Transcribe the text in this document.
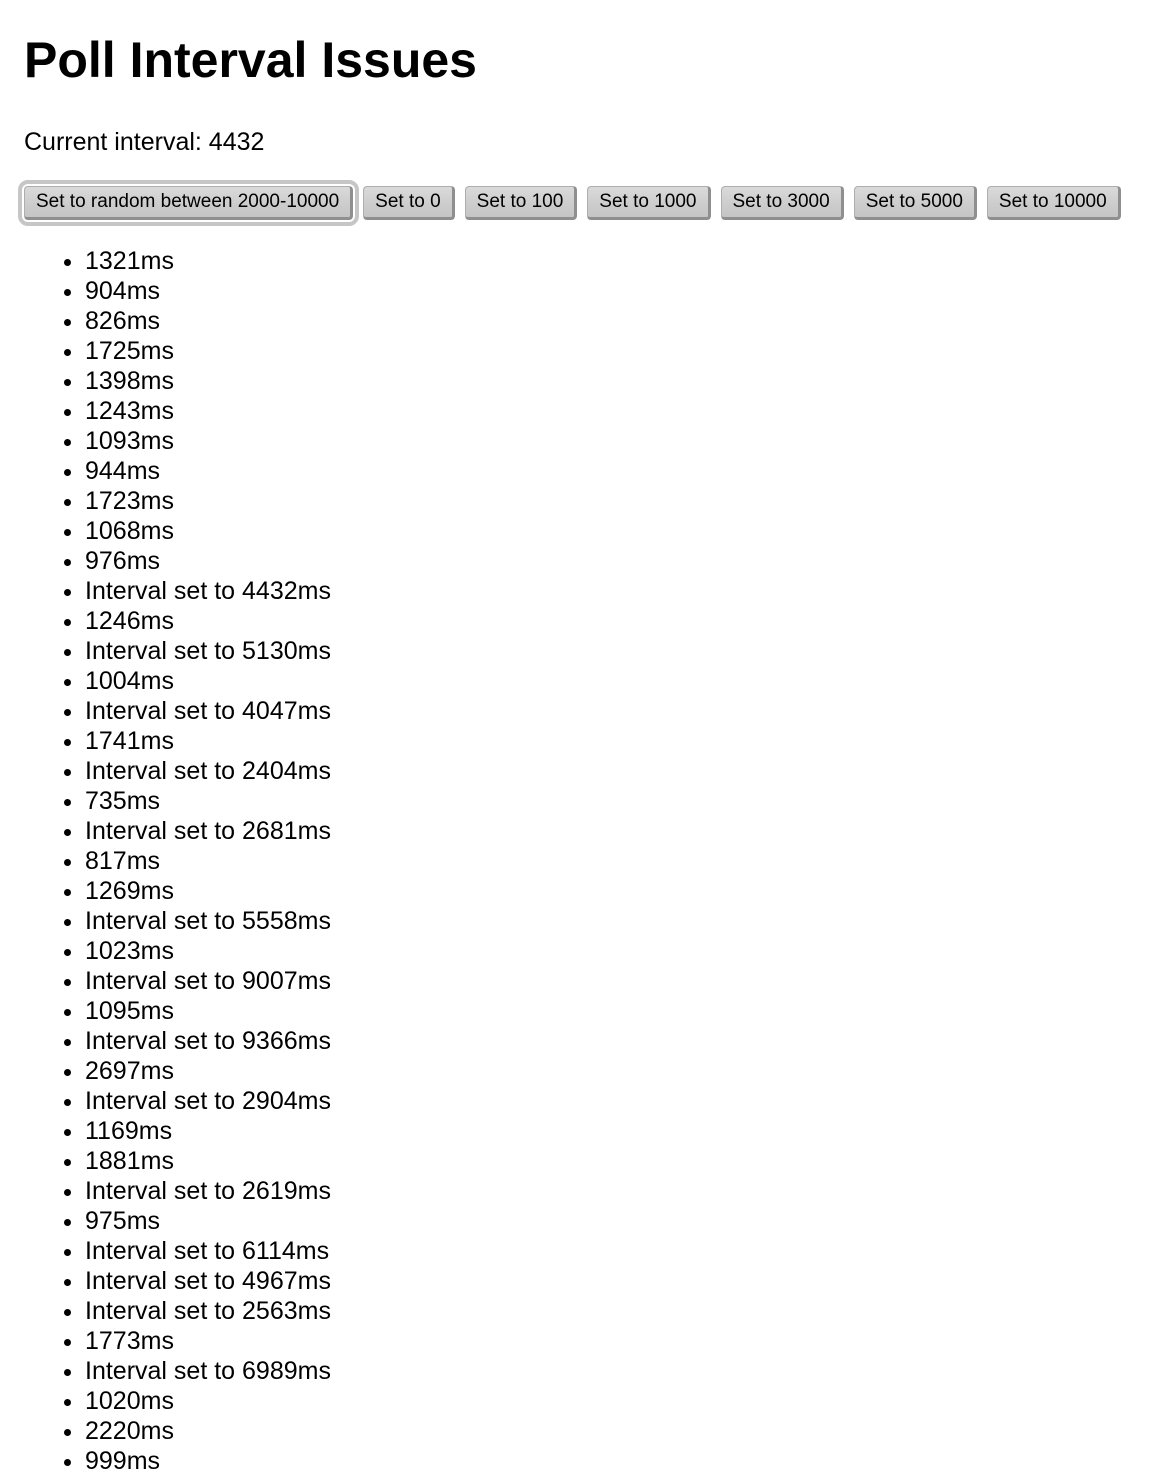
Poll Interval Issues

Current interval: 4432

Set to random between 2000-10000	Set to 0	Set to 100	Set to 1000	Set to 3000	Set to 5000	Set to 10000
• 1321ms
• 904ms
• 826ms
• 1725ms
• 1398ms
• 1243ms
• 1093ms
• 944ms
• 1723ms
• 1068ms
• 976ms
• Interval set to 4432ms
• 1246ms
• Interval set to 5130ms
• 1004ms
• Interval set to 4047ms
• 1741ms
• Interval set to 2404ms
• 735ms
• Interval set to 2681ms
• 817ms
• 1269ms
• Interval set to 5558ms
• 1023ms
• Interval set to 9007ms
• 1095ms
• Interval set to 9366ms
• 2697ms
• Interval set to 2904ms
• 1169ms
• 1881ms
• Interval set to 2619ms
• 975ms
• Interval set to 6114ms
• Interval set to 4967ms
• Interval set to 2563ms
• 1773ms
• Interval set to 6989ms
• 1020ms
• 2220ms
• 999ms
